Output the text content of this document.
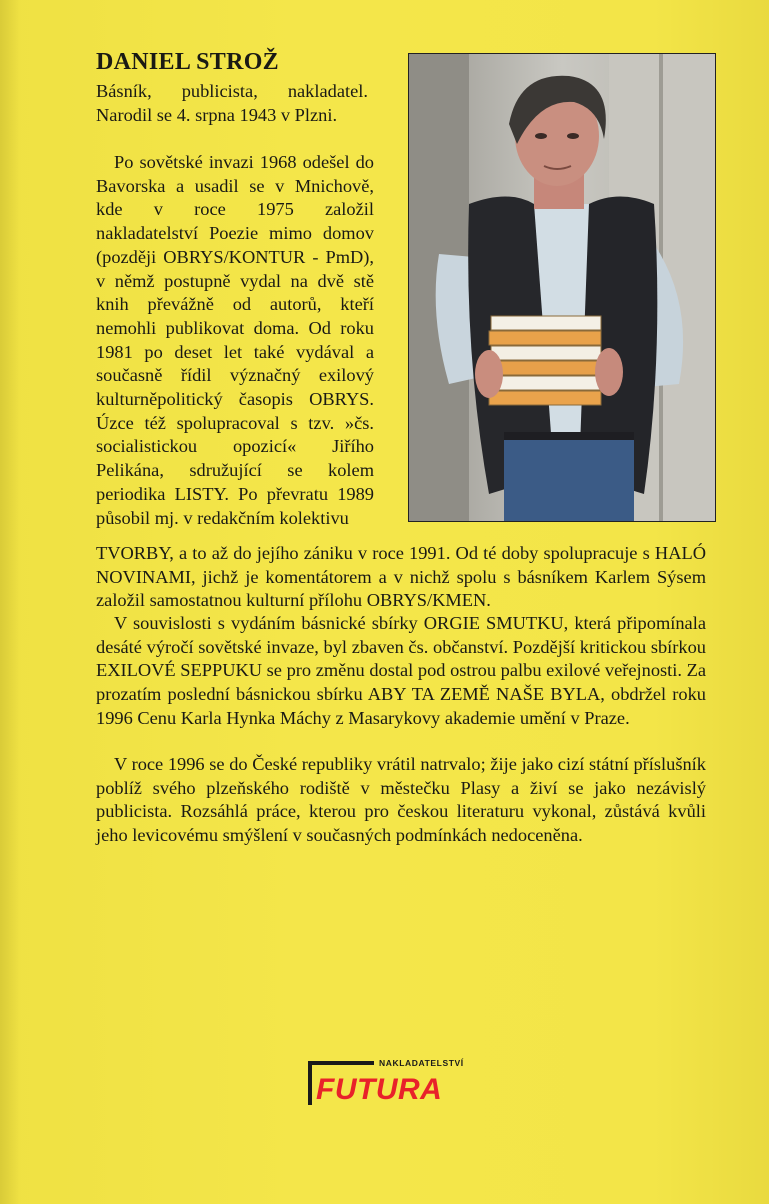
DANIEL STROŽ

Básník, publicista, nakladatel. Narodil se 4. srpna 1943 v Plzni.

Po sovětské invazi 1968 odešel do Bavorska a usadil se v Mnichově, kde v roce 1975 založil nakladatelství Poezie mimo domov (později OBRYS/KONTUR - PmD), v němž postupně vydal na dvě stě knih převážně od autorů, kteří nemohli publikovat doma. Od roku 1981 po deset let také vydával a současně řídil význačný exilový kulturněpolitický časopis OBRYS. Úzce též spolupracoval s tzv. »čs. socialistickou opozicí« Jiřího Pelikána, sdružující se kolem periodika LISTY. Po převratu 1989 působil mj. v redakčním kolektivu

TVORBY, a to až do jejího zániku v roce 1991. Od té doby spolupracuje s HALÓ NOVINAMI, jichž je komentátorem a v nichž spolu s básníkem Karlem Sýsem založil samostatnou kulturní přílohu OBRYS/KMEN.

V souvislosti s vydáním básnické sbírky ORGIE SMUTKU, která připomínala desáté výročí sovětské invaze, byl zbaven čs. občanství. Pozdější kritickou sbírkou EXILOVÉ SEPPUKU se pro změnu dostal pod ostrou palbu exilové veřejnosti. Za prozatím poslední básnickou sbírku ABY TA ZEMĚ NAŠE BYLA, obdržel roku 1996 Cenu Karla Hynka Máchy z Masarykovy akademie umění v Praze.

V roce 1996 se do České republiky vrátil natrvalo; žije jako cizí státní příslušník poblíž svého plzeňského rodiště v městečku Plasy a živí se jako nezávislý publicista. Rozsáhlá práce, kterou pro českou literaturu vykonal, zůstává kvůli jeho levicovému smýšlení v současných podmínkách nedoceněna.

NAKLADATELSTVÍ
FUTURA
